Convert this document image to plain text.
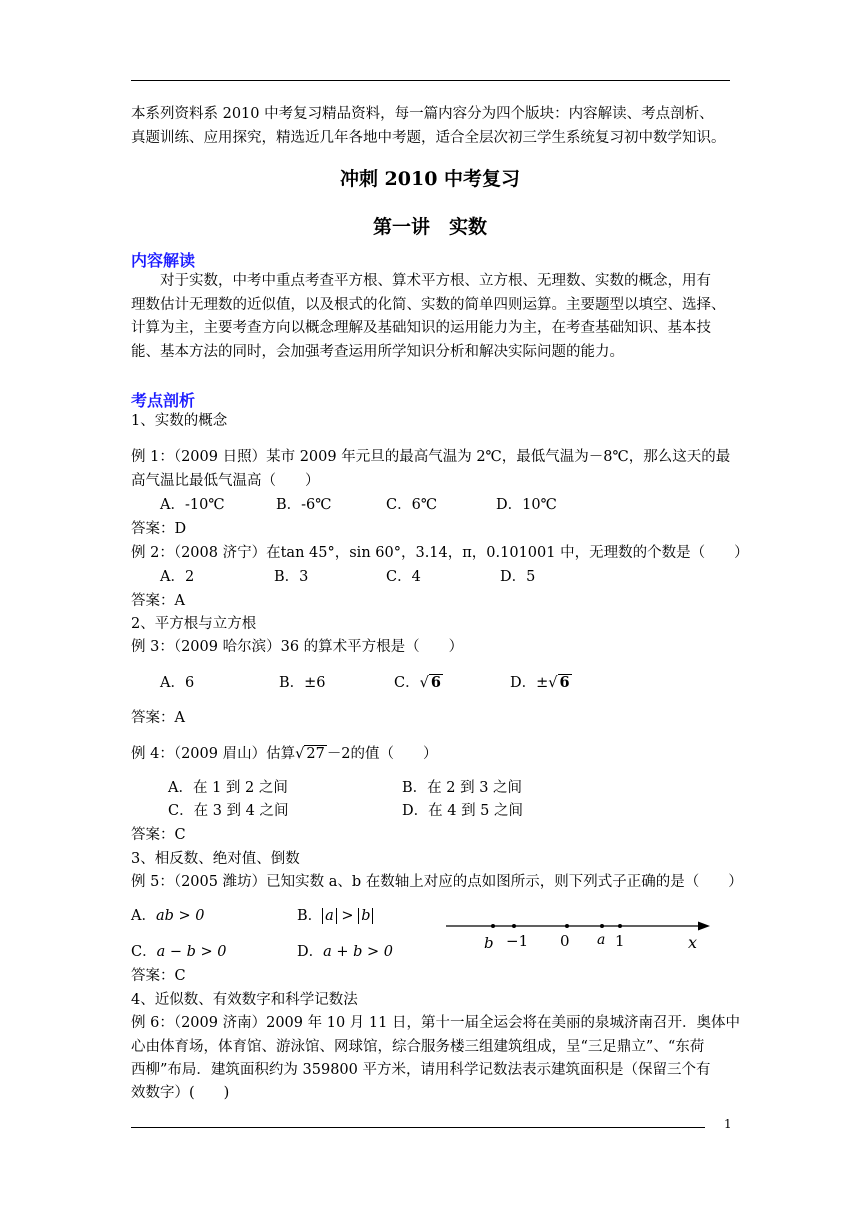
本系列资料系 2010 中考复习精品资料，每一篇内容分为四个版块：内容解读、考点剖析、
真题训练、应用探究，精选近几年各地中考题，适合全层次初三学生系统复习初中数学知识。
冲刺 2010 中考复习
第一讲　实数
内容解读
对于实数，中考中重点考查平方根、算术平方根、立方根、无理数、实数的概念，用有
理数估计无理数的近似值，以及根式的化简、实数的简单四则运算。主要题型以填空、选择、
计算为主，主要考查方向以概念理解及基础知识的运用能力为主，在考查基础知识、基本技
能、基本方法的同时，会加强考查运用所学知识分析和解决实际问题的能力。
考点剖析
1、实数的概念
例 1：（2009 日照）某市 2009 年元旦的最高气温为 2℃，最低气温为－8℃，那么这天的最
高气温比最低气温高（　　）
A．-10℃	B．-6℃	C．6℃	D．10℃
答案：D
例 2：（2008 济宁）在tan 45°，sin 60°，3.14，π，0.101001 中，无理数的个数是（　　）
A．2	B．3	C．4	D．5
答案：A
2、平方根与立方根
例 3：（2009 哈尔滨）36 的算术平方根是（　　）
A．6	B．±6	C．√ 6	D．±√ 6
答案：A
例 4：（2009 眉山）估算√ 27 －2的值（　　）
A．在 1 到 2 之间	B．在 2 到 3 之间
C．在 3 到 4 之间	D．在 4 到 5 之间
答案：C
3、相反数、绝对值、倒数
例 5：（2005 潍坊）已知实数 a、b 在数轴上对应的点如图所示，则下列式子正确的是（　　）
A．ab > 0	B． a > b
C．a − b > 0	D．a + b > 0	b −1 0 a 1	x
答案：C
4、近似数、有效数字和科学记数法
例 6：（2009 济南）2009 年 10 月 11 日，第十一届全运会将在美丽的泉城济南召开．奥体中
心由体育场，体育馆、游泳馆、网球馆，综合服务楼三组建筑组成，呈“三足鼎立”、“东荷
西柳”布局．建筑面积约为 359800 平方米，请用科学记数法表示建筑面积是（保留三个有
效数字）(　　)
1
